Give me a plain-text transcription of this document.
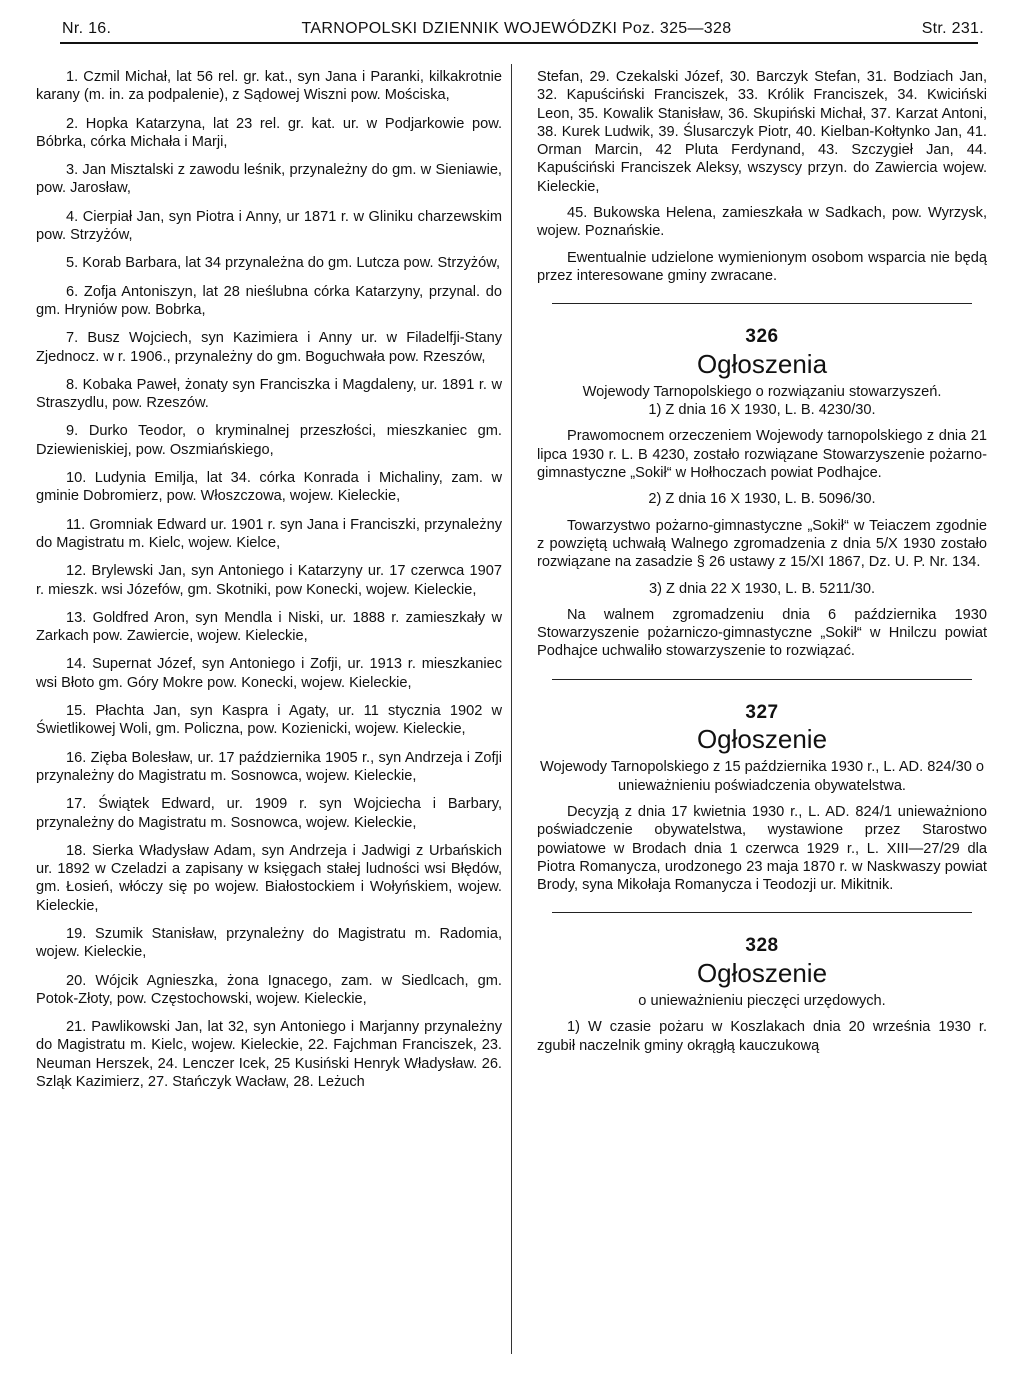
Nr. 16.	TARNOPOLSKI DZIENNIK WOJEWÓDZKI Poz. 325—328	Str. 231.

1. Czmil Michał, lat 56 rel. gr. kat., syn Jana i Paranki, kilkakrotnie karany (m. in. za podpalenie), z Sądowej Wiszni pow. Mościska,

2. Hopka Katarzyna, lat 23 rel. gr. kat. ur. w Podjarkowie pow. Bóbrka, córka Michała i Marji,

3. Jan Misztalski z zawodu leśnik, przynależny do gm. w Sieniawie, pow. Jarosław,

4. Cierpiał Jan, syn Piotra i Anny, ur 1871 r. w Gliniku charzewskim pow. Strzyżów,

5. Korab Barbara, lat 34 przynależna do gm. Lutcza pow. Strzyżów,

6. Zofja Antoniszyn, lat 28 nieślubna córka Katarzyny, przynal. do gm. Hryniów pow. Bobrka,

7. Busz Wojciech, syn Kazimiera i Anny ur. w Filadelfji-Stany Zjednocz. w r. 1906., przynależny do gm. Boguchwała pow. Rzeszów,

8. Kobaka Paweł, żonaty syn Franciszka i Magdaleny, ur. 1891 r. w Straszydlu, pow. Rzeszów.

9. Durko Teodor, o kryminalnej przeszłości, mieszkaniec gm. Dziewieniskiej, pow. Oszmiańskiego,

10. Ludynia Emilja, lat 34. córka Konrada i Michaliny, zam. w gminie Dobromierz, pow. Włoszczowa, wojew. Kieleckie,

11. Gromniak Edward ur. 1901 r. syn Jana i Franciszki, przynależny do Magistratu m. Kielc, wojew. Kielce,

12. Brylewski Jan, syn Antoniego i Katarzyny ur. 17 czerwca 1907 r. mieszk. wsi Józefów, gm. Skotniki, pow Konecki, wojew. Kieleckie,

13. Goldfred Aron, syn Mendla i Niski, ur. 1888 r. zamieszkały w Zarkach pow. Zawiercie, wojew. Kieleckie,

14. Supernat Józef, syn Antoniego i Zofji, ur. 1913 r. mieszkaniec wsi Błoto gm. Góry Mokre pow. Konecki, wojew. Kieleckie,

15. Płachta Jan, syn Kaspra i Agaty, ur. 11 stycznia 1902 w Świetlikowej Woli, gm. Policzna, pow. Kozienicki, wojew. Kieleckie,

16. Zięba Bolesław, ur. 17 października 1905 r., syn Andrzeja i Zofji przynależny do Magistratu m. Sosnowca, wojew. Kieleckie,

17. Świątek Edward, ur. 1909 r. syn Wojciecha i Barbary, przynależny do Magistratu m. Sosnowca, wojew. Kieleckie,

18. Sierka Władysław Adam, syn Andrzeja i Jadwigi z Urbańskich ur. 1892 w Czeladzi a zapisany w księgach stałej ludności wsi Błędów, gm. Łosień, włóczy się po wojew. Białostockiem i Wołyńskiem, wojew. Kieleckie,

19. Szumik Stanisław, przynależny do Magistratu m. Radomia, wojew. Kieleckie,

20. Wójcik Agnieszka, żona Ignacego, zam. w Siedlcach, gm. Potok-Złoty, pow. Częstochowski, wojew. Kieleckie,

21. Pawlikowski Jan, lat 32, syn Antoniego i Marjanny przynależny do Magistratu m. Kielc, wojew. Kieleckie, 22. Fajchman Franciszek, 23. Neuman Herszek, 24. Lenczer Icek, 25 Kusiński Henryk Władysław. 26. Szląk Kazimierz, 27. Stańczyk Wacław, 28. Leżuch

Stefan, 29. Czekalski Józef, 30. Barczyk Stefan, 31. Bodziach Jan, 32. Kapuściński Franciszek, 33. Królik Franciszek, 34. Kwiciński Leon, 35. Kowalik Stanisław, 36. Skupiński Michał, 37. Karzat Antoni, 38. Kurek Ludwik, 39. Ślusarczyk Piotr, 40. Kielban-Kołtynko Jan, 41. Orman Marcin, 42 Pluta Ferdynand, 43. Szczygieł Jan, 44. Kapuściński Franciszek Aleksy, wszyscy przyn. do Zawiercia wojew. Kieleckie,

45. Bukowska Helena, zamieszkała w Sadkach, pow. Wyrzysk, wojew. Poznańskie.

Ewentualnie udzielone wymienionym osobom wsparcia nie będą przez interesowane gminy zwracane.

326
Ogłoszenia

Wojewody Tarnopolskiego o rozwiązaniu stowarzyszeń.

1) Z dnia 16 X 1930, L. B. 4230/30.

Prawomocnem orzeczeniem Wojewody tarnopolskiego z dnia 21 lipca 1930 r. L. B 4230, zostało rozwiązane Stowarzyszenie pożarno-gimnastyczne „Sokił“ w Hołhoczach powiat Podhajce.

2) Z dnia 16 X 1930, L. B. 5096/30.

Towarzystwo pożarno-gimnastyczne „Sokił“ w Teiaczem zgodnie z powziętą uchwałą Walnego zgromadzenia z dnia 5/X 1930 zostało rozwiązane na zasadzie § 26 ustawy z 15/XI 1867, Dz. U. P. Nr. 134.

3) Z dnia 22 X 1930, L. B. 5211/30.

Na walnem zgromadzeniu dnia 6 października 1930 Stowarzyszenie pożarniczo-gimnastyczne „Sokił“ w Hnilczu powiat Podhajce uchwaliło stowarzyszenie to rozwiązać.

327
Ogłoszenie

Wojewody Tarnopolskiego z 15 października 1930 r., L. AD. 824/30 o unieważnieniu poświadczenia obywatelstwa.

Decyzją z dnia 17 kwietnia 1930 r., L. AD. 824/1 unieważniono poświadczenie obywatelstwa, wystawione przez Starostwo powiatowe w Brodach dnia 1 czerwca 1929 r., L. XIII—27/29 dla Piotra Romanycza, urodzonego 23 maja 1870 r. w Naskwaszy powiat Brody, syna Mikołaja Romanycza i Teodozji ur. Mikitnik.

328
Ogłoszenie

o unieważnieniu pieczęci urzędowych.

1) W czasie pożaru w Koszlakach dnia 20 września 1930 r. zgubił naczelnik gminy okrągłą kauczukową
